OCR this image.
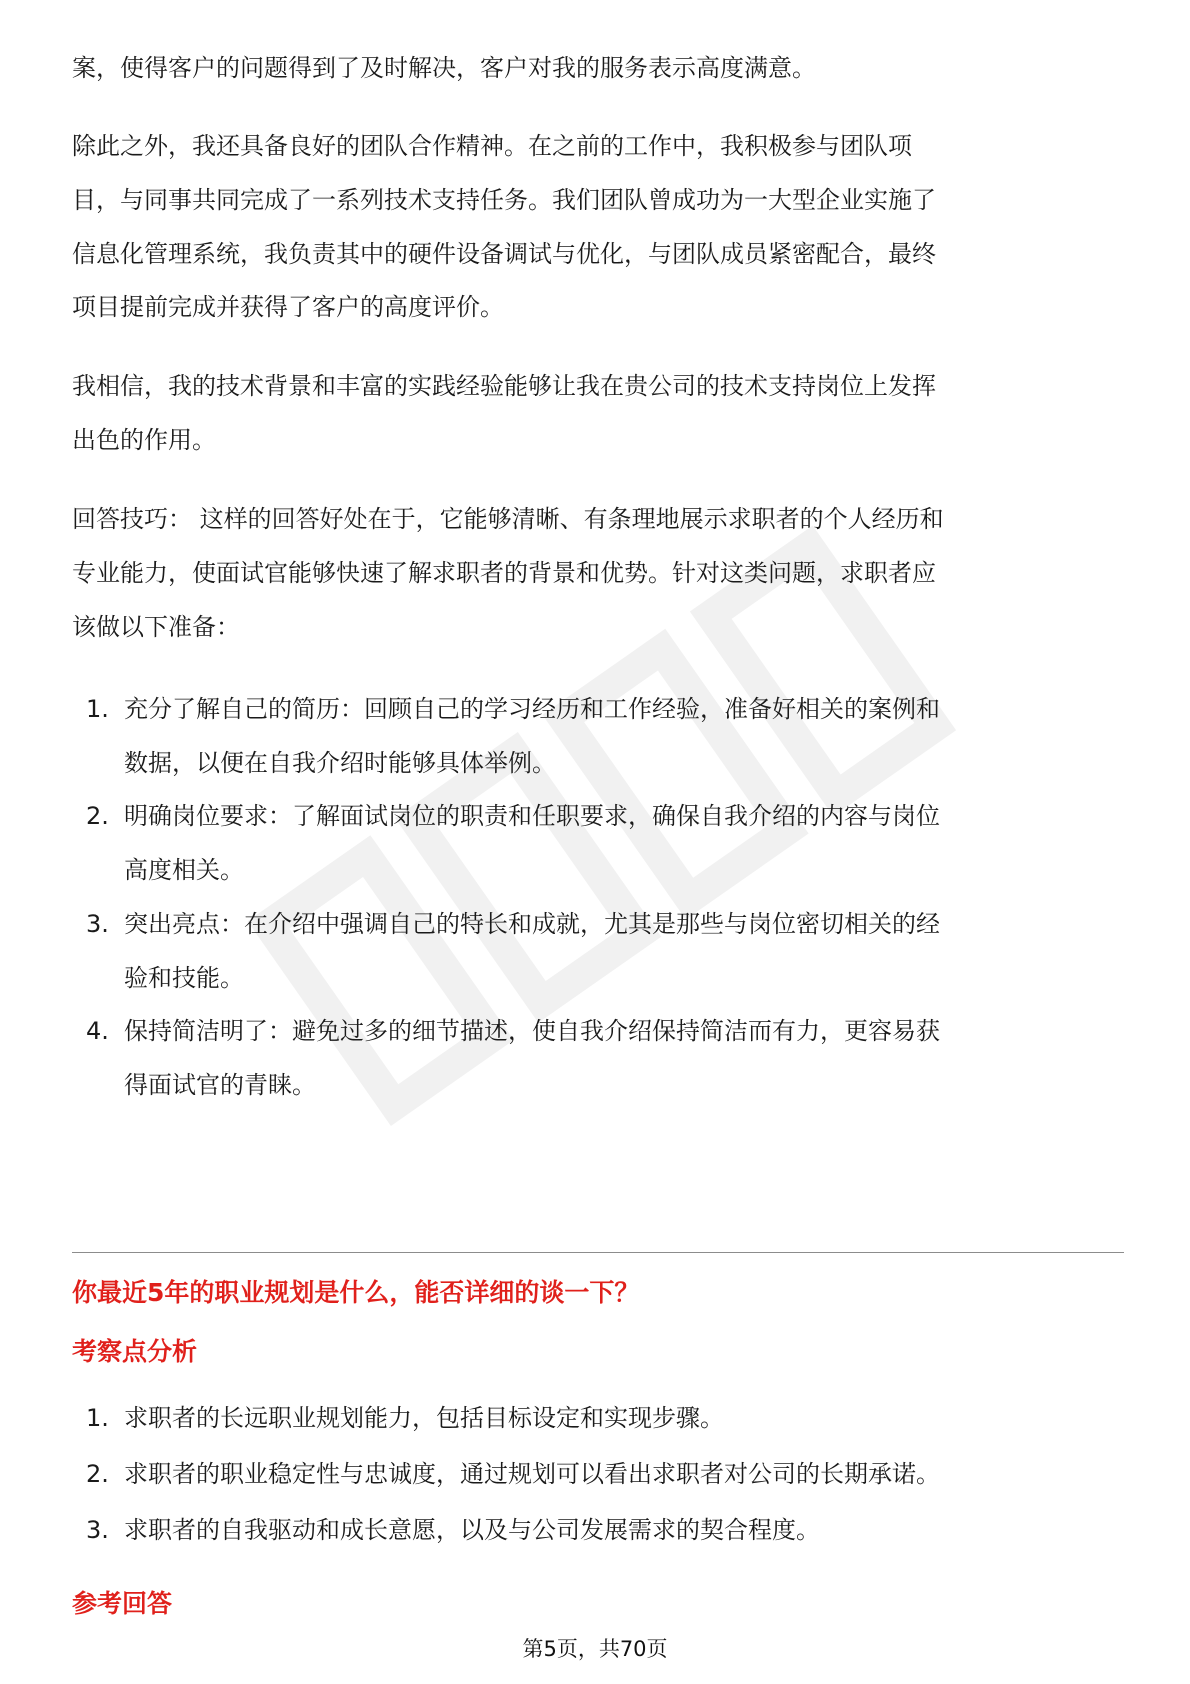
案，使得客户的问题得到了及时解决，客户对我的服务表示高度满意。

除此之外，我还具备良好的团队合作精神。在之前的工作中，我积极参与团队项

目，与同事共同完成了一系列技术支持任务。我们团队曾成功为一大型企业实施了

信息化管理系统，我负责其中的硬件设备调试与优化，与团队成员紧密配合，最终

项目提前完成并获得了客户的高度评价。

我相信，我的技术背景和丰富的实践经验能够让我在贵公司的技术支持岗位上发挥

出色的作用。

回答技巧： 这样的回答好处在于，它能够清晰、有条理地展示求职者的个人经历和

专业能力，使面试官能够快速了解求职者的背景和优势。针对这类问题，求职者应

该做以下准备：

1. 充分了解自己的简历：回顾自己的学习经历和工作经验，准备好相关的案例和
数据，以便在自我介绍时能够具体举例。
2. 明确岗位要求：了解面试岗位的职责和任职要求，确保自我介绍的内容与岗位
高度相关。
3. 突出亮点：在介绍中强调自己的特长和成就，尤其是那些与岗位密切相关的经
验和技能。
4. 保持简洁明了：避免过多的细节描述，使自我介绍保持简洁而有力，更容易获
得面试官的青睐。
你最近5年的职业规划是什么，能否详细的谈一下？
考察点分析
1. 求职者的长远职业规划能力，包括目标设定和实现步骤。
2. 求职者的职业稳定性与忠诚度，通过规划可以看出求职者对公司的长期承诺。
3. 求职者的自我驱动和成长意愿，以及与公司发展需求的契合程度。
参考回答
第5页，共70页
